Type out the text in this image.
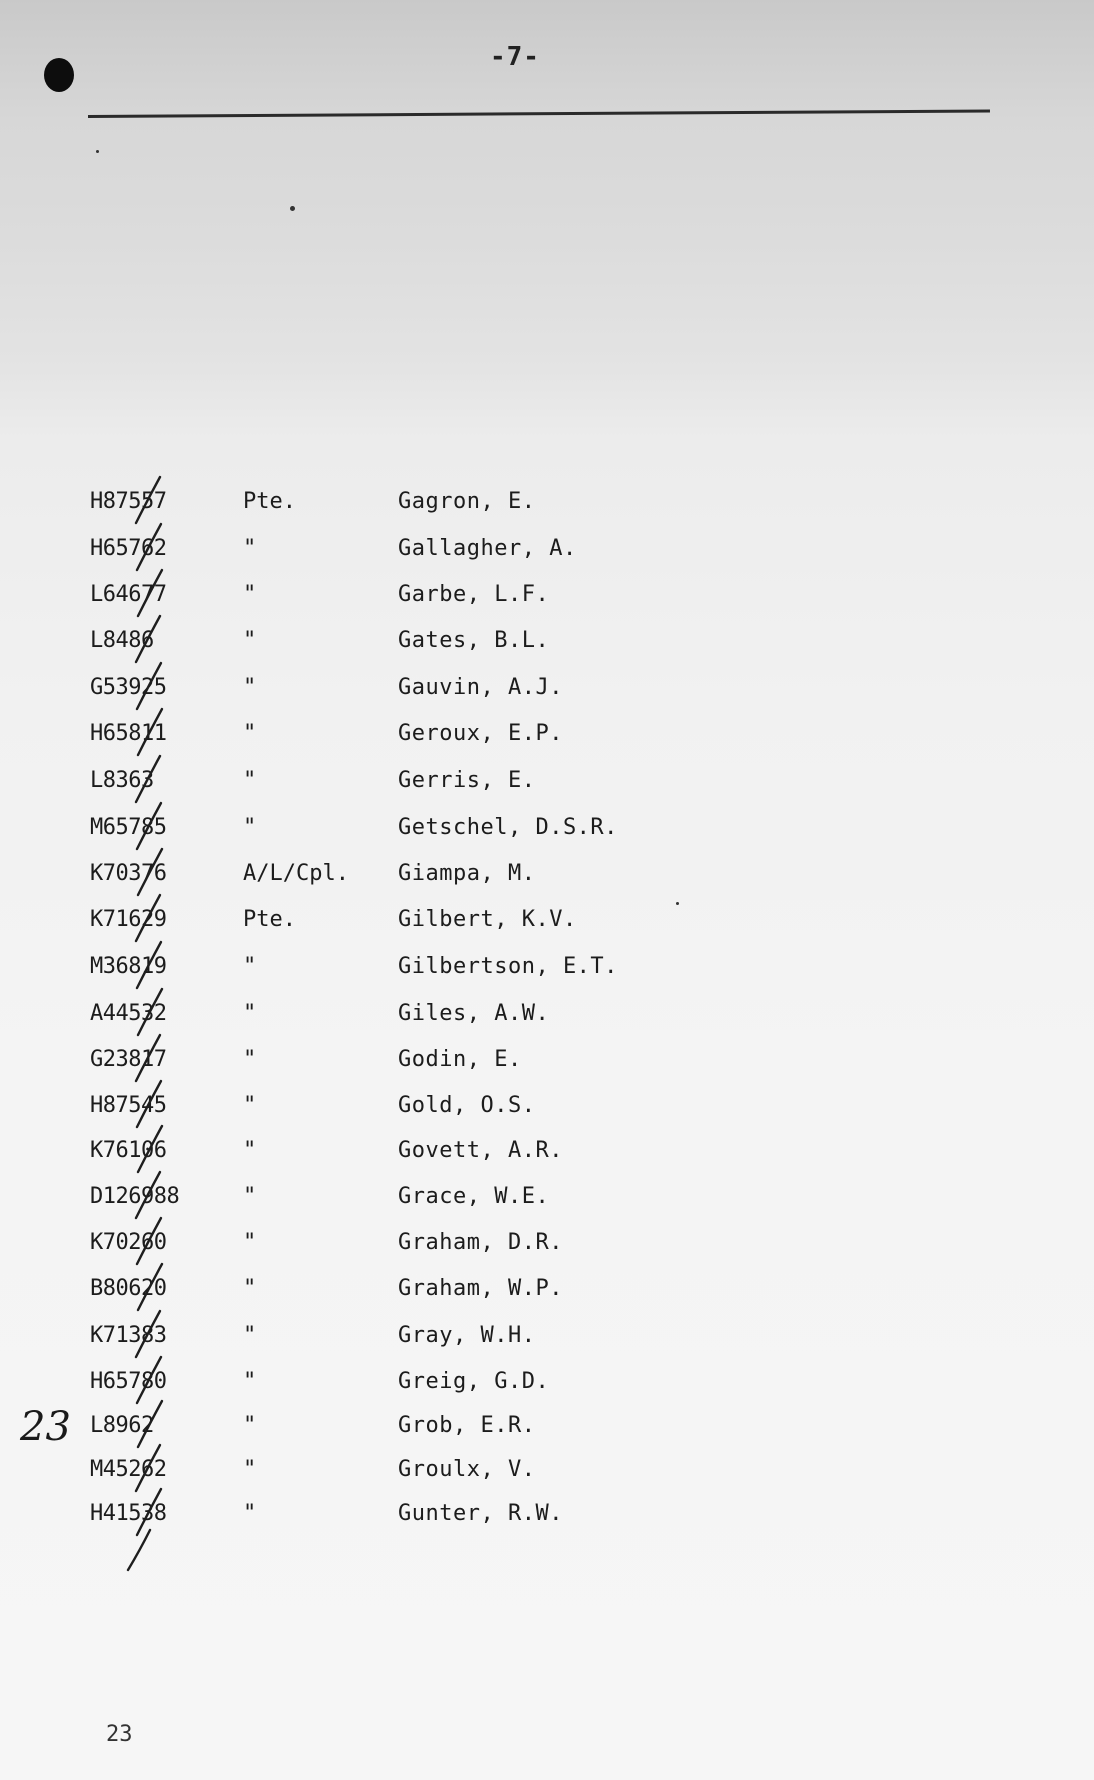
-7-
H87557	Pte.	Gagron, E.
H65762	"	Gallagher, A.
L64677	"	Garbe, L.F.
L8486	"	Gates, B.L.
G53925	"	Gauvin, A.J.
H65811	"	Geroux, E.P.
L8363	"	Gerris, E.
M65785	"	Getschel, D.S.R.
K70376	A/L/Cpl. Giampa, M.
K71629	Pte.	Gilbert, K.V.
M36819	"	Gilbertson, E.T.
A44532	"	Giles, A.W.
G23817	"	Godin, E.
H87545	"	Gold, O.S.
K76106	"	Govett, A.R.
D126988	"	Grace, W.E.
K70260	"	Graham, D.R.
B80620	"	Graham, W.P.
K71383	"	Gray, W.H.
H65780	"	Greig, G.D.
L8962	"	Grob, E.R.
M45262	"	Groulx, V.
H41538	"	Gunter, R.W.
23
23
